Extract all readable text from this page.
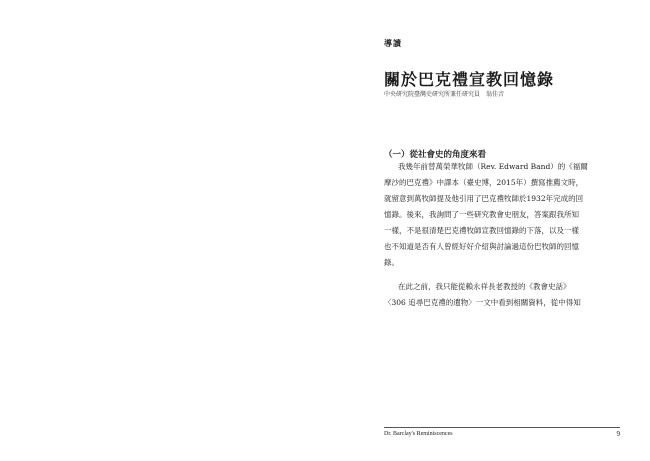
導讀
關於巴克禮宣教回憶錄
中央研究院臺灣史研究所兼任研究員　翁佳音
（一）從社會史的角度來看
我幾年前替萬榮華牧師（Rev. Edward Band）的《福爾
摩沙的巴克禮》中譯本（臺史博，2015年）撰寫推薦文時，
就留意到萬牧師提及他引用了巴克禮牧師於1932年完成的回
憶錄。後來，我詢問了一些研究教會史朋友，答案跟我所知
一樣，不是很清楚巴克禮牧師宣教回憶錄的下落，以及一樣
也不知道是否有人曾經好好介紹與討論過這份巴牧師的回憶
錄。
在此之前，我只能從賴永祥長老教授的《教會史話》
〈306 追尋巴克禮的遺物〉一文中看到相關資料，從中得知
Dr. Barclay's Reminiscences	9
